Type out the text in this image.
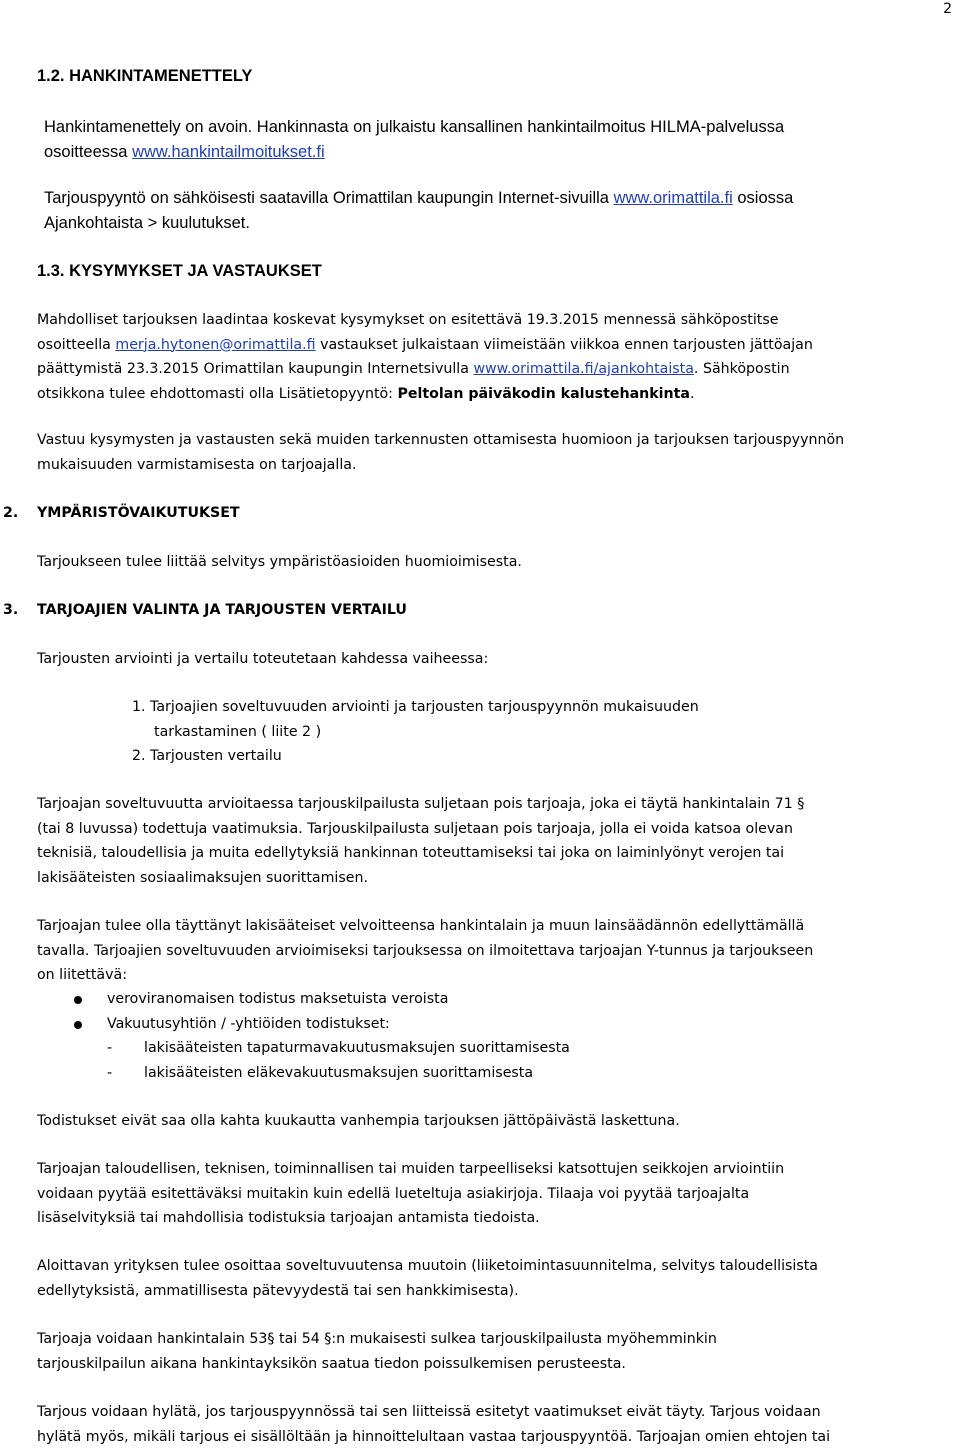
2
1.2. HANKINTAMENETTELY
Hankintamenettely on avoin. Hankinnasta on julkaistu kansallinen hankintailmoitus HILMA-palvelussa
osoitteessa www.hankintailmoitukset.fi
Tarjouspyyntö on sähköisesti saatavilla Orimattilan kaupungin Internet-sivuilla www.orimattila.fi osiossa
Ajankohtaista > kuulutukset.
1.3. KYSYMYKSET JA VASTAUKSET
Mahdolliset tarjouksen laadintaa koskevat kysymykset on esitettävä 19.3.2015 mennessä sähköpostitse
osoitteella merja.hytonen@orimattila.fi vastaukset julkaistaan viimeistään viikkoa ennen tarjousten jättöajan
päättymistä 23.3.2015 Orimattilan kaupungin Internetsivulla www.orimattila.fi/ajankohtaista. Sähköpostin
otsikkona tulee ehdottomasti olla Lisätietopyyntö: Peltolan päiväkodin kalustehankinta.
Vastuu kysymysten ja vastausten sekä muiden tarkennusten ottamisesta huomioon ja tarjouksen tarjouspyynnön
mukaisuuden varmistamisesta on tarjoajalla.
2. YMPÄRISTÖVAIKUTUKSET
Tarjoukseen tulee liittää selvitys ympäristöasioiden huomioimisesta.
3. TARJOAJIEN VALINTA JA TARJOUSTEN VERTAILU
Tarjousten arviointi ja vertailu toteutetaan kahdessa vaiheessa:
1. Tarjoajien soveltuvuuden arviointi ja tarjousten tarjouspyynnön mukaisuuden
tarkastaminen ( liite 2 )
2. Tarjousten vertailu
Tarjoajan soveltuvuutta arvioitaessa tarjouskilpailusta suljetaan pois tarjoaja, joka ei täytä hankintalain 71 §
(tai 8 luvussa) todettuja vaatimuksia. Tarjouskilpailusta suljetaan pois tarjoaja, jolla ei voida katsoa olevan
teknisiä, taloudellisia ja muita edellytyksiä hankinnan toteuttamiseksi tai joka on laiminlyönyt verojen tai
lakisääteisten sosiaalimaksujen suorittamisen.
Tarjoajan tulee olla täyttänyt lakisääteiset velvoitteensa hankintalain ja muun lainsäädännön edellyttämällä
tavalla. Tarjoajien soveltuvuuden arvioimiseksi tarjouksessa on ilmoitettava tarjoajan Y-tunnus ja tarjoukseen
on liitettävä:
veroviranomaisen todistus maksetuista veroista
Vakuutusyhtiön / -yhtiöiden todistukset:
- lakisääteisten tapaturmavakuutusmaksujen suorittamisesta
- lakisääteisten eläkevakuutusmaksujen suorittamisesta
Todistukset eivät saa olla kahta kuukautta vanhempia tarjouksen jättöpäivästä laskettuna.
Tarjoajan taloudellisen, teknisen, toiminnallisen tai muiden tarpeelliseksi katsottujen seikkojen arviointiin
voidaan pyytää esitettäväksi muitakin kuin edellä lueteltuja asiakirjoja. Tilaaja voi pyytää tarjoajalta
lisäselvityksiä tai mahdollisia todistuksia tarjoajan antamista tiedoista.
Aloittavan yrityksen tulee osoittaa soveltuvuutensa muutoin (liiketoimintasuunnitelma, selvitys taloudellisista
edellytyksistä, ammatillisesta pätevyydestä tai sen hankkimisesta).
Tarjoaja voidaan hankintalain 53§ tai 54 §:n mukaisesti sulkea tarjouskilpailusta myöhemminkin
tarjouskilpailun aikana hankintayksikön saatua tiedon poissulkemisen perusteesta.
Tarjous voidaan hylätä, jos tarjouspyynnössä tai sen liitteissä esitetyt vaatimukset eivät täyty. Tarjous voidaan
hylätä myös, mikäli tarjous ei sisällöltään ja hinnoittelultaan vastaa tarjouspyyntöä. Tarjoajan omien ehtojen tai
